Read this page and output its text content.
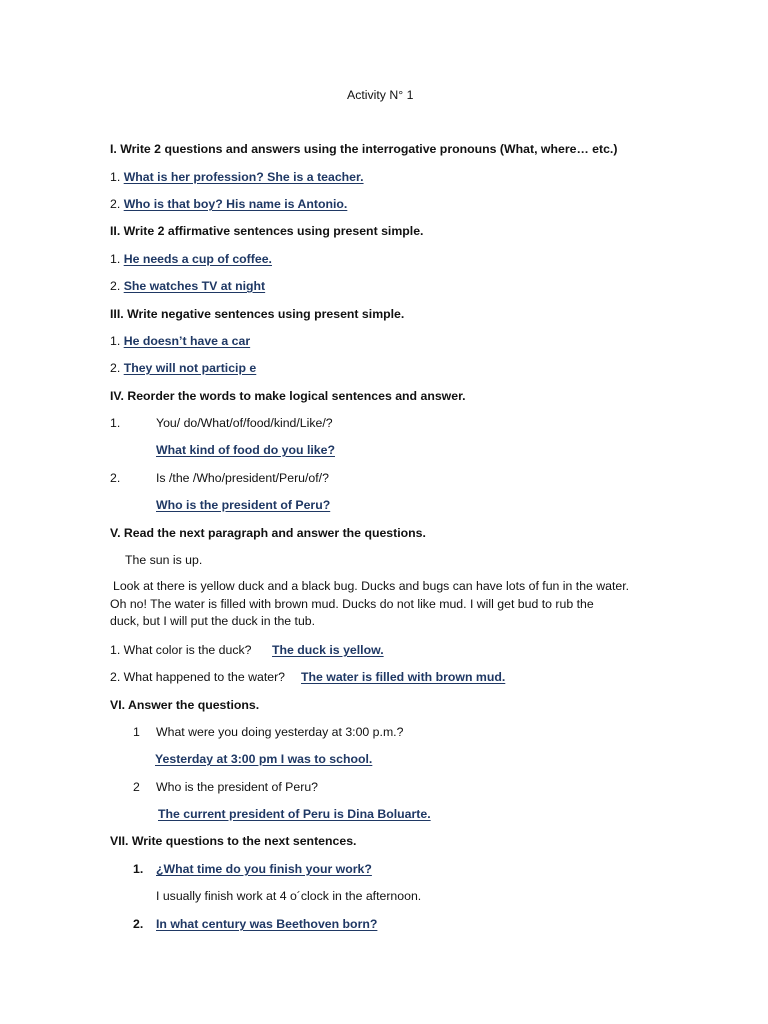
Activity N° 1
I. Write 2 questions and answers using the interrogative pronouns (What, where… etc.)
1. What is her profession? She is a teacher.
2. Who is that boy? His name is Antonio.
II. Write 2 affirmative sentences using present simple.
1. He needs a cup of coffee.
2. She watches TV at night
III. Write negative sentences using present simple.
1. He doesn’t have a car
2. They will not particip e
IV. Reorder the words to make logical sentences and answer.
1.	You/ do/What/of/food/kind/Like/?
What kind of food do you like?
2.	Is /the /Who/president/Peru/of/?
Who is the president of Peru?
V. Read the next paragraph and answer the questions.
The sun is up.
Look at there is yellow duck and a black bug. Ducks and bugs can have lots of fun in the water.
Oh no! The water is filled with brown mud. Ducks do not like mud. I will get bud to rub the
duck, but I will put the duck in the tub.
1. What color is the duck? The duck is yellow.
2. What happened to the water? The water is filled with brown mud.
VI. Answer the questions.
1 What were you doing yesterday at 3:00 p.m.?
Yesterday at 3:00 pm I was to school.
2 Who is the president of Peru?
The current president of Peru is Dina Boluarte.
VII. Write questions to the next sentences.
1. ¿What time do you finish your work?
I usually finish work at 4 o´clock in the afternoon.
2. In what century was Beethoven born?
